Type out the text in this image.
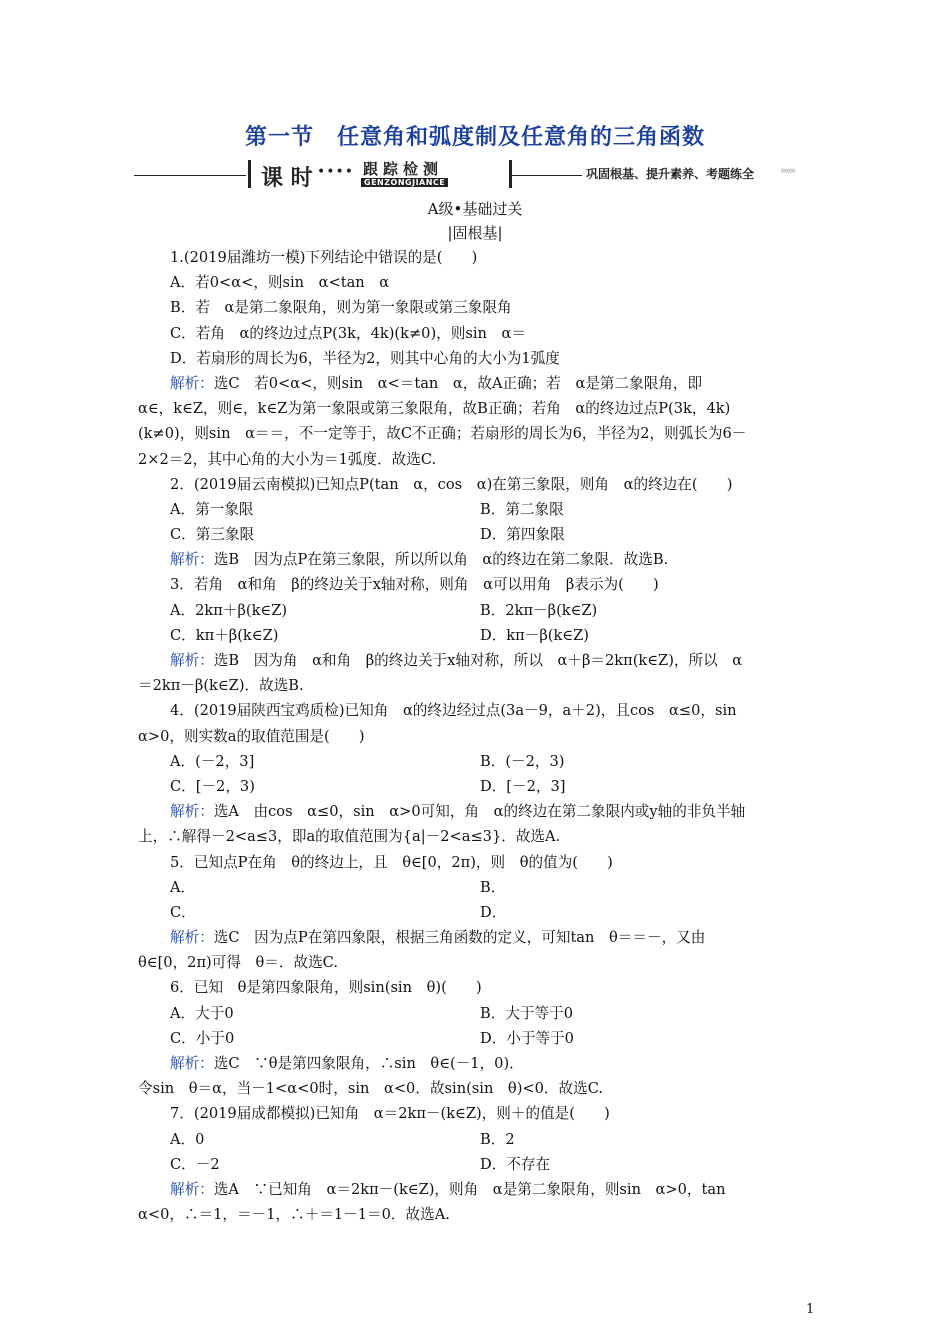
第一节　任意角和弧度制及任意角的三角函数
课 时 •••• 跟踪检测
GENZONGJIANCE
巩固根基、提升素养、考题练全 »»»
A级•基础过关
|固根基|
1.(2019届潍坊一模)下列结论中错误的是(　　)
A．若0<α<，则sin　α<tan　α
B．若　α是第二象限角，则为第一象限或第三象限角
C．若角　α的终边过点P(3k，4k)(k≠0)，则sin　α＝
D．若扇形的周长为6，半径为2，则其中心角的大小为1弧度
解析：选C　若0<α<，则sin　α<＝tan　α，故A正确；若　α是第二象限角，即
α∈，k∈Z，则∈，k∈Z为第一象限或第三象限角，故B正确；若角　α的终边过点P(3k，4k)
(k≠0)，则sin　α＝＝，不一定等于，故C不正确；若扇形的周长为6，半径为2，则弧长为6－
2×2＝2，其中心角的大小为＝1弧度．故选C.
2．(2019届云南模拟)已知点P(tan　α，cos　α)在第三象限，则角　α的终边在(　　)
A．第一象限	B．第二象限
C．第三象限	D．第四象限
解析：选B　因为点P在第三象限，所以所以角　α的终边在第二象限．故选B.
3．若角　α和角　β的终边关于x轴对称，则角　α可以用角　β表示为(　　)
A．2kπ＋β(k∈Z)	B．2kπ－β(k∈Z)
C．kπ＋β(k∈Z)	D．kπ－β(k∈Z)
解析：选B　因为角　α和角　β的终边关于x轴对称，所以　α＋β＝2kπ(k∈Z)，所以　α
＝2kπ－β(k∈Z)．故选B.
4．(2019届陕西宝鸡质检)已知角　α的终边经过点(3a－9，a＋2)，且cos　α≤0，sin
α>0，则实数a的取值范围是(　　)
A．(－2，3]	B．(－2，3)
C．[－2，3)	D．[－2，3]
解析：选A　由cos　α≤0，sin　α>0可知，角　α的终边在第二象限内或y轴的非负半轴
上，∴解得－2<a≤3，即a的取值范围为{a|－2<a≤3}．故选A.
5．已知点P在角　θ的终边上，且　θ∈[0，2π)，则　θ的值为(　　)
A．	B．
C．	D．
解析：选C　因为点P在第四象限，根据三角函数的定义，可知tan　θ＝＝－，又由
θ∈[0，2π)可得　θ＝．故选C.
6．已知　θ是第四象限角，则sin(sin　θ)(　　)
A．大于0	B．大于等于0
C．小于0	D．小于等于0
解析：选C　∵θ是第四象限角，∴sin　θ∈(－1，0)．
令sin　θ＝α，当－1<α<0时，sin　α<0．故sin(sin　θ)<0．故选C.
7．(2019届成都模拟)已知角　α＝2kπ－(k∈Z)，则＋的值是(　　)
A．0	B．2
C．－2	D．不存在
解析：选A　∵已知角　α＝2kπ－(k∈Z)，则角　α是第二象限角，则sin　α>0，tan
α<0，∴＝1，＝－1，∴＋＝1－1＝0．故选A.
1
